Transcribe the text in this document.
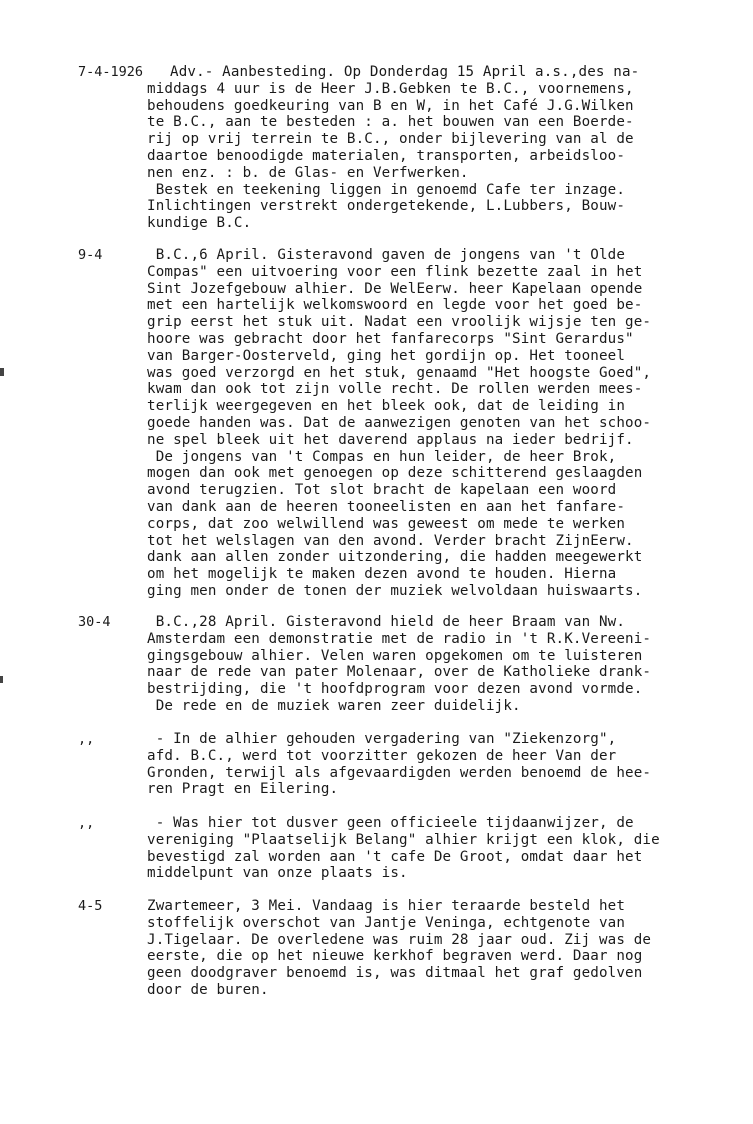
7-4-1926 Adv.- Aanbesteding. Op Donderdag 15 April a.s.,des na-
middags 4 uur is de Heer J.B.Gebken te B.C., voornemens,
behoudens goedkeuring van B en W, in het Café J.G.Wilken
te B.C., aan te besteden : a. het bouwen van een Boerde-
rij op vrij terrein te B.C., onder bijlevering van al de
daartoe benoodigde materialen, transporten, arbeidsloo-
nen enz. : b. de Glas- en Verfwerken.
Bestek en teekening liggen in genoemd Cafe ter inzage.
Inlichtingen verstrekt ondergetekende, L.Lubbers, Bouw-
kundige B.C.
9-4	B.C.,6 April. Gisteravond gaven de jongens van 't Olde
Compas" een uitvoering voor een flink bezette zaal in het
Sint Jozefgebouw alhier. De WelEerw. heer Kapelaan opende
met een hartelijk welkomswoord en legde voor het goed be-
grip eerst het stuk uit. Nadat een vroolijk wijsje ten ge-
hoore was gebracht door het fanfarecorps "Sint Gerardus"
van Barger-Oosterveld, ging het gordijn op. Het tooneel
was goed verzorgd en het stuk, genaamd "Het hoogste Goed",
kwam dan ook tot zijn volle recht. De rollen werden mees-
terlijk weergegeven en het bleek ook, dat de leiding in
goede handen was. Dat de aanwezigen genoten van het schoo-
ne spel bleek uit het daverend applaus na ieder bedrijf.
De jongens van 't Compas en hun leider, de heer Brok,
mogen dan ook met genoegen op deze schitterend geslaagden
avond terugzien. Tot slot bracht de kapelaan een woord
van dank aan de heeren tooneelisten en aan het fanfare-
corps, dat zoo welwillend was geweest om mede te werken
tot het welslagen van den avond. Verder bracht ZijnEerw.
dank aan allen zonder uitzondering, die hadden meegewerkt
om het mogelijk te maken dezen avond te houden. Hierna
ging men onder de tonen der muziek welvoldaan huiswaarts.
30-4	B.C.,28 April. Gisteravond hield de heer Braam van Nw.
Amsterdam een demonstratie met de radio in 't R.K.Vereeni-
gingsgebouw alhier. Velen waren opgekomen om te luisteren
naar de rede van pater Molenaar, over de Katholieke drank-
bestrijding, die 't hoofdprogram voor dezen avond vormde.
De rede en de muziek waren zeer duidelijk.
,,	- In de alhier gehouden vergadering van "Ziekenzorg",
afd. B.C., werd tot voorzitter gekozen de heer Van der
Gronden, terwijl als afgevaardigden werden benoemd de hee-
ren Pragt en Eilering.
,,	- Was hier tot dusver geen officieele tijdaanwijzer, de
vereniging "Plaatselijk Belang" alhier krijgt een klok, die
bevestigd zal worden aan 't cafe De Groot, omdat daar het
middelpunt van onze plaats is.
4-5	Zwartemeer, 3 Mei. Vandaag is hier teraarde besteld het
stoffelijk overschot van Jantje Veninga, echtgenote van
J.Tigelaar. De overledene was ruim 28 jaar oud. Zij was de
eerste, die op het nieuwe kerkhof begraven werd. Daar nog
geen doodgraver benoemd is, was ditmaal het graf gedolven
door de buren.
